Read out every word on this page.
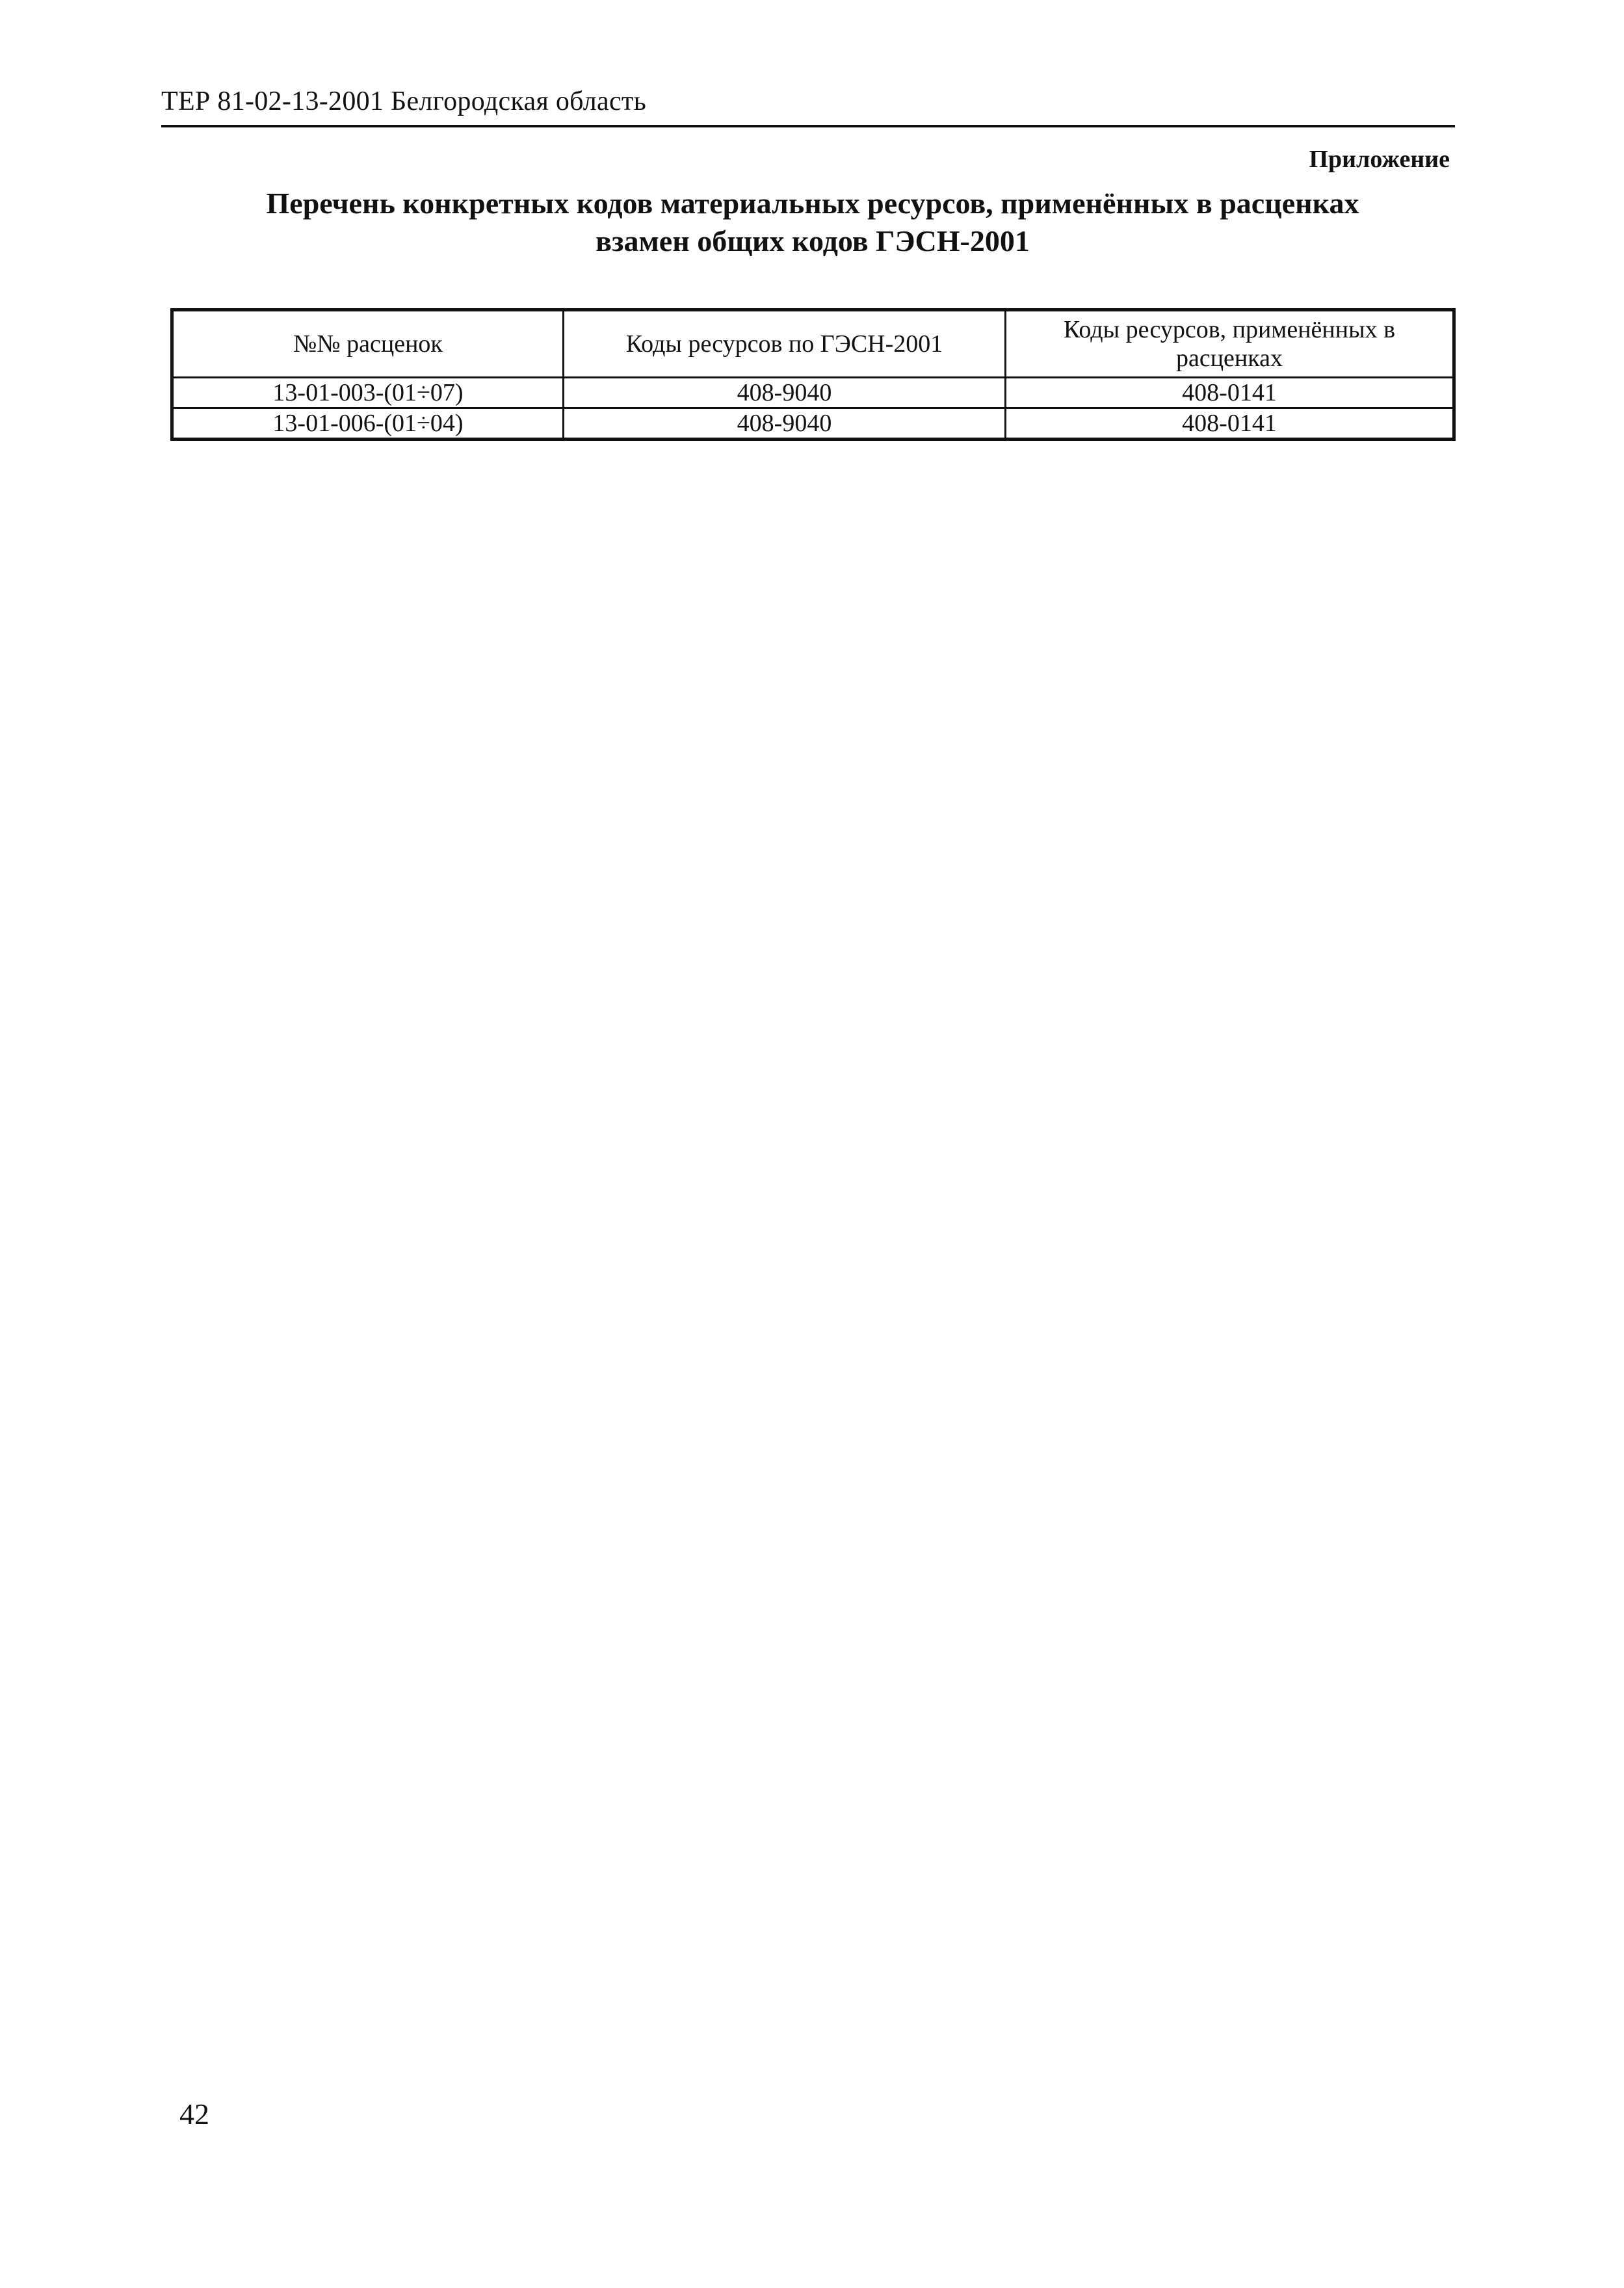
ТЕР 81-02-13-2001 Белгородская область
Приложение
Перечень конкретных кодов материальных ресурсов, применённых в расценках
взамен общих кодов ГЭСН-2001
№№ расценок	Коды ресурсов по ГЭСН-2001	Коды ресурсов, применённых в расценках
13-01-003-(01÷07)	408-9040	408-0141
13-01-006-(01÷04)	408-9040	408-0141
42
